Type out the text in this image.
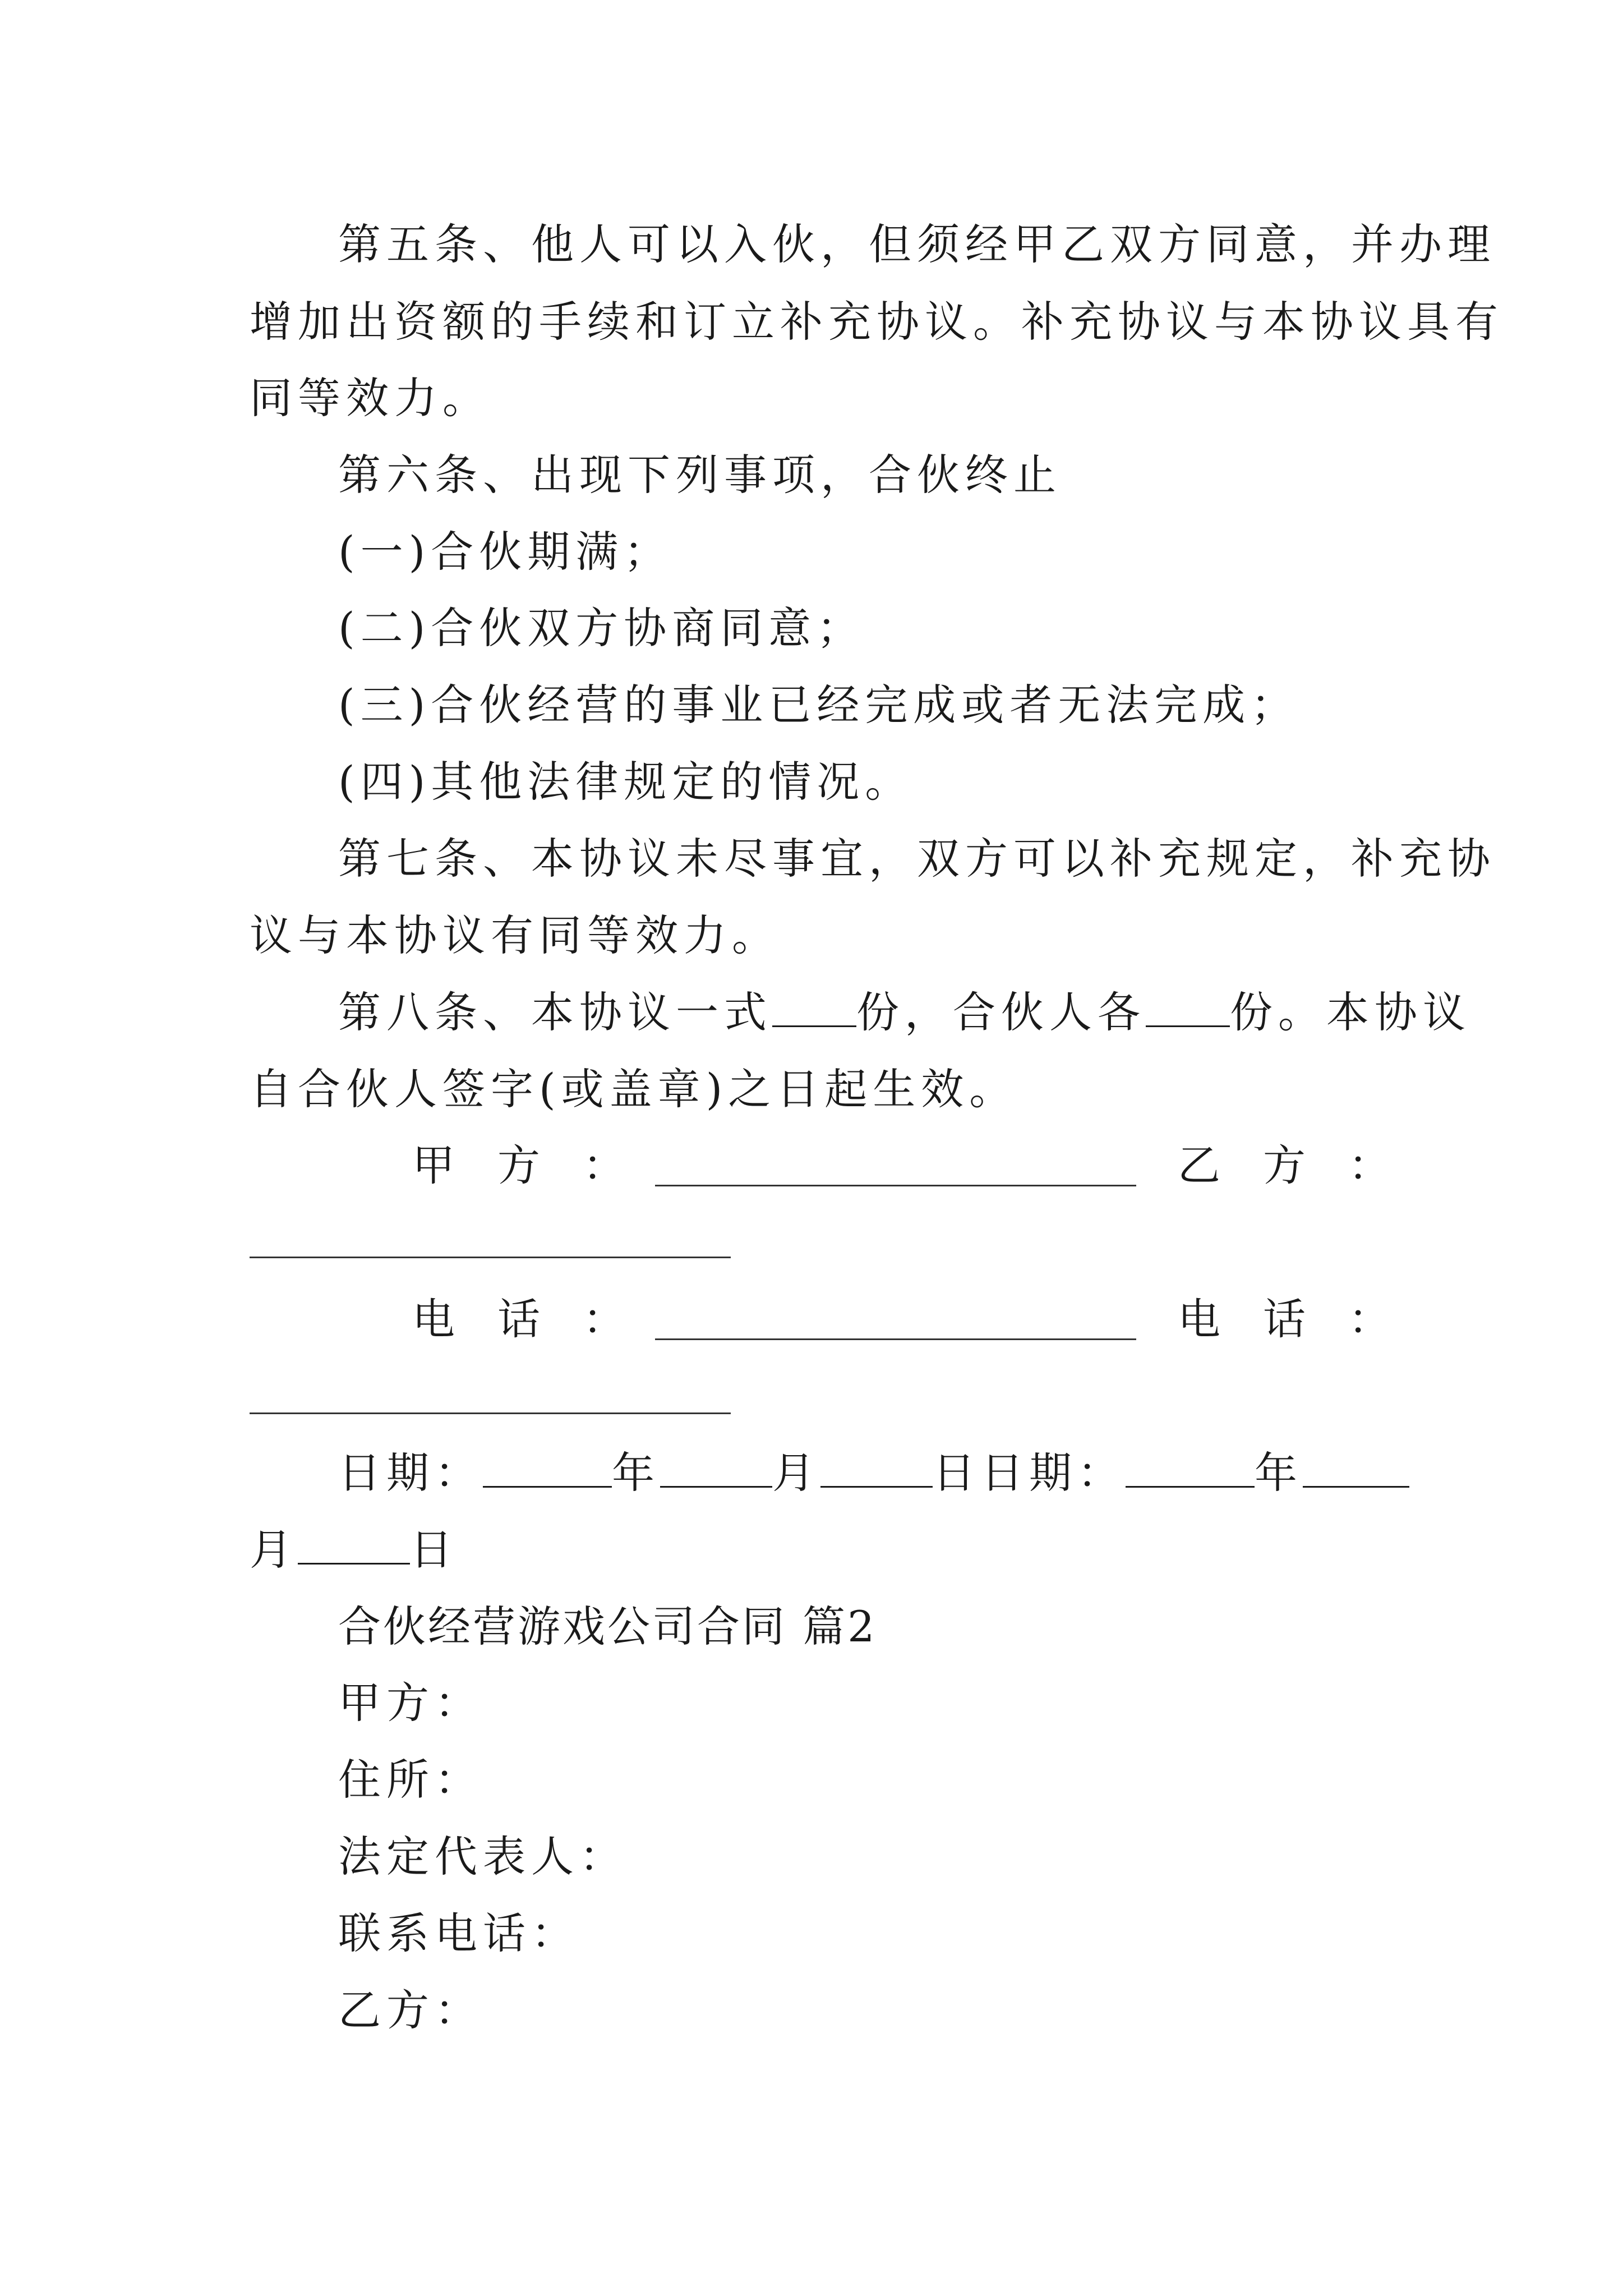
第五条、他人可以入伙，但须经甲乙双方同意，并办理
增加出资额的手续和订立补充协议。补充协议与本协议具有
同等效力。
第六条、出现下列事项，合伙终止
(一)合伙期满；
(二)合伙双方协商同意；
(三)合伙经营的事业已经完成或者无法完成；
(四)其他法律规定的情况。
第七条、本协议未尽事宜，双方可以补充规定，补充协
议与本协议有同等效力。
第八条、本协议一式 份，合伙人各 份。本协议
自合伙人签字(或盖章)之日起生效。
甲　方　：	乙　方　：
电　话　：	电　话　：
日期：	年	月	日日期：	年
月	日
合伙经营游戏公司合同 篇2
甲方：
住所：
法定代表人：
联系电话：
乙方：
